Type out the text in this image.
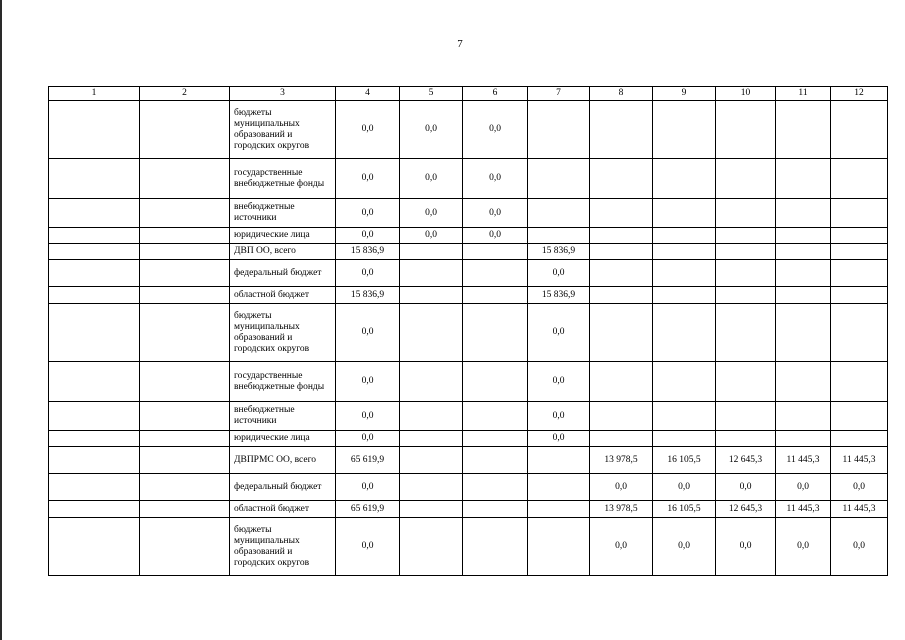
7
1	2	3	4	5	6	7	8	9	10	11	12
		бюджеты муниципальных образований и городских округов	0,0	0,0	0,0						
		государственные внебюджетные фонды	0,0	0,0	0,0						
		внебюджетные источники	0,0	0,0	0,0						
		юридические лица	0,0	0,0	0,0						
		ДВП ОО, всего	15 836,9			15 836,9					
		федеральный бюджет	0,0			0,0					
		областной бюджет	15 836,9			15 836,9					
		бюджеты муниципальных образований и городских округов	0,0			0,0					
		государственные внебюджетные фонды	0,0			0,0					
		внебюджетные источники	0,0			0,0					
		юридические лица	0,0			0,0					
		ДВПРМС ОО, всего	65 619,9				13 978,5	16 105,5	12 645,3	11 445,3	11 445,3
		федеральный бюджет	0,0				0,0	0,0	0,0	0,0	0,0
		областной бюджет	65 619,9				13 978,5	16 105,5	12 645,3	11 445,3	11 445,3
		бюджеты муниципальных образований и городских округов	0,0				0,0	0,0	0,0	0,0	0,0
